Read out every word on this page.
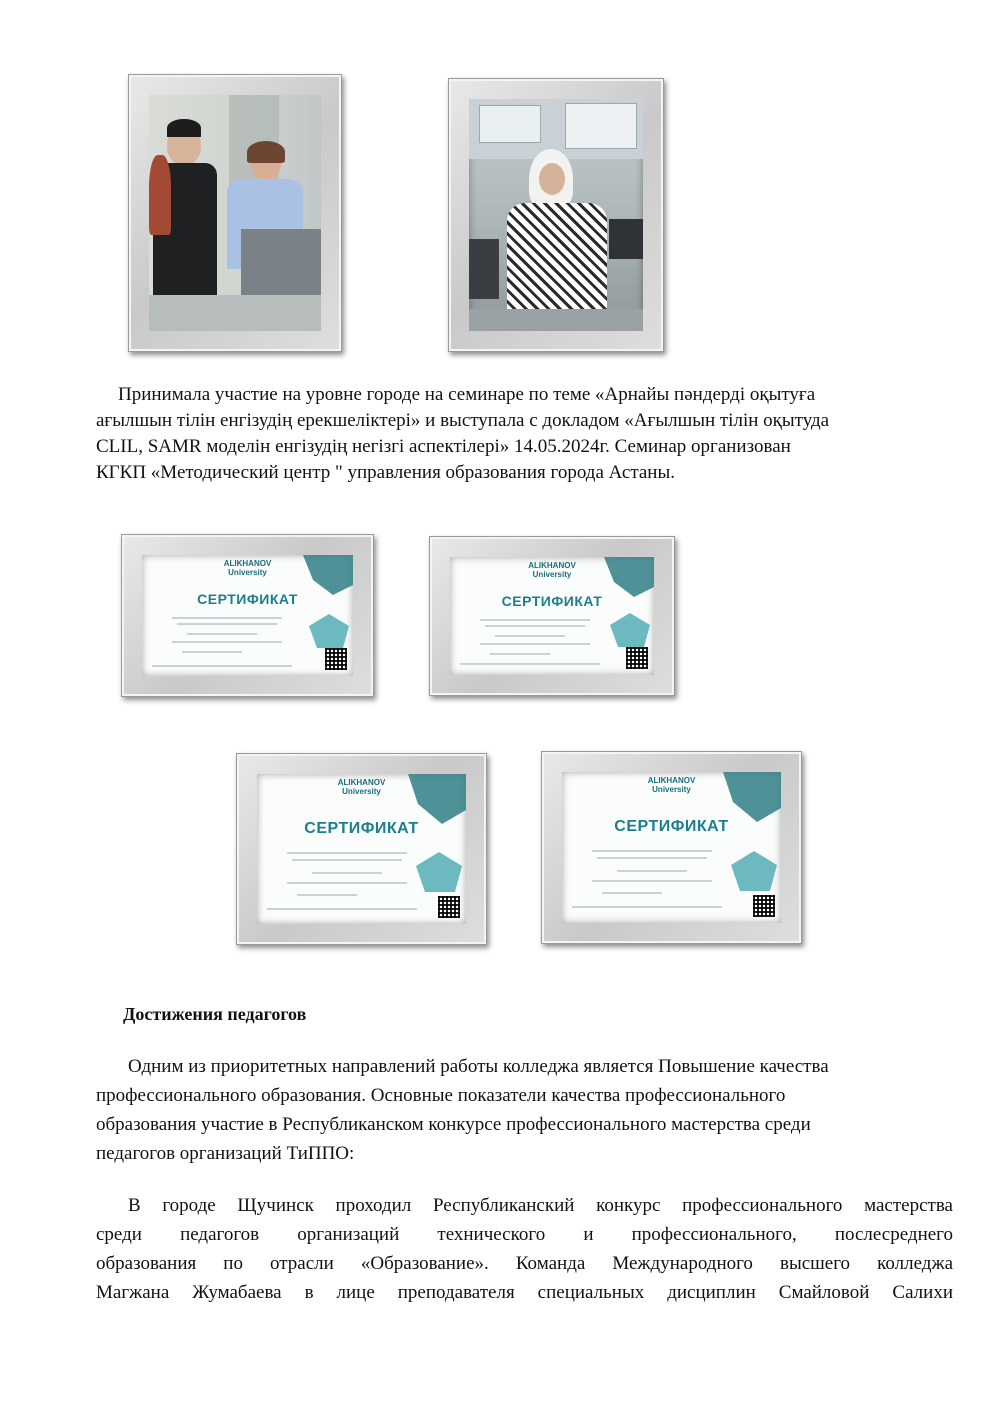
Принимала участие на уровне городе на семинаре по теме «Арнайы пәндерді оқытуға
ағылшын тілін енгізудің ерекшеліктері» и выступала с докладом «Ағылшын тілін оқытуда
CLIL, SAMR моделін енгізудің негізгі аспектілері» 14.05.2024г. Семинар организован
КГКП «Методический центр " управления образования города Астаны.
ALIKHANOV
University
СЕРТИФИКАТ
ALIKHANOV
University
СЕРТИФИКАТ
ALIKHANOV
University
СЕРТИФИКАТ
ALIKHANOV
University
СЕРТИФИКАТ
Достижения педагогов
Одним из приоритетных направлений работы колледжа является Повышение качества
профессионального образования. Основные показатели качества профессионального
образования участие в Республиканском конкурсе профессионального мастерства среди
педагогов организаций ТиППО:
В городе Щучинск проходил Республиканский конкурс профессионального мастерства
среди педагогов организаций технического и профессионального, послесреднего
образования по отрасли «Образование». Команда Международного высшего колледжа
Магжана Жумабаева в лице преподавателя специальных дисциплин Смайловой Салихи
